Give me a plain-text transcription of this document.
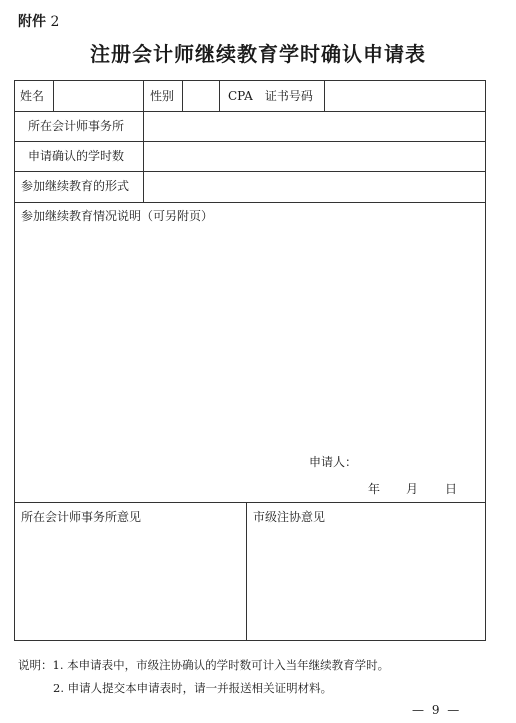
附件 2
注册会计师继续教育学时确认申请表
姓名	性别	CPA　证书号码
所在会计师事务所
申请确认的学时数
参加继续教育的形式
参加继续教育情况说明（可另附页）
申请人：
年 月 日
所在会计师事务所意见	市级注协意见
说明：1. 本申请表中，市级注协确认的学时数可计入当年继续教育学时。
2. 申请人提交本申请表时，请一并报送相关证明材料。
— 9 —
